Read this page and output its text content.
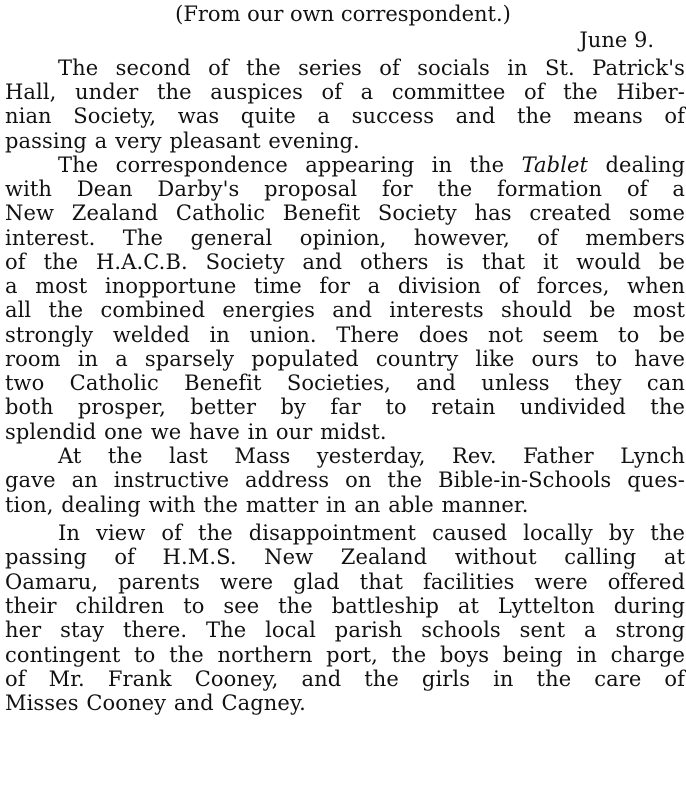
(From our own correspondent.)
June 9.
The second of the series of socials in St. Patrick's
Hall, under the auspices of a committee of the Hiber-
nian Society, was quite a success and the means of
passing a very pleasant evening.
The correspondence appearing in the Tablet dealing
with Dean Darby's proposal for the formation of a
New Zealand Catholic Benefit Society has created some
interest. The general opinion, however, of members
of the H.A.C.B. Society and others is that it would be
a most inopportune time for a division of forces, when
all the combined energies and interests should be most
strongly welded in union. There does not seem to be
room in a sparsely populated country like ours to have
two Catholic Benefit Societies, and unless they can
both prosper, better by far to retain undivided the
splendid one we have in our midst.
At the last Mass yesterday, Rev. Father Lynch
gave an instructive address on the Bible-in-Schools ques-
tion, dealing with the matter in an able manner.
In view of the disappointment caused locally by the
passing of H.M.S. New Zealand without calling at
Oamaru, parents were glad that facilities were offered
their children to see the battleship at Lyttelton during
her stay there. The local parish schools sent a strong
contingent to the northern port, the boys being in charge
of Mr. Frank Cooney, and the girls in the care of
Misses Cooney and Cagney.
